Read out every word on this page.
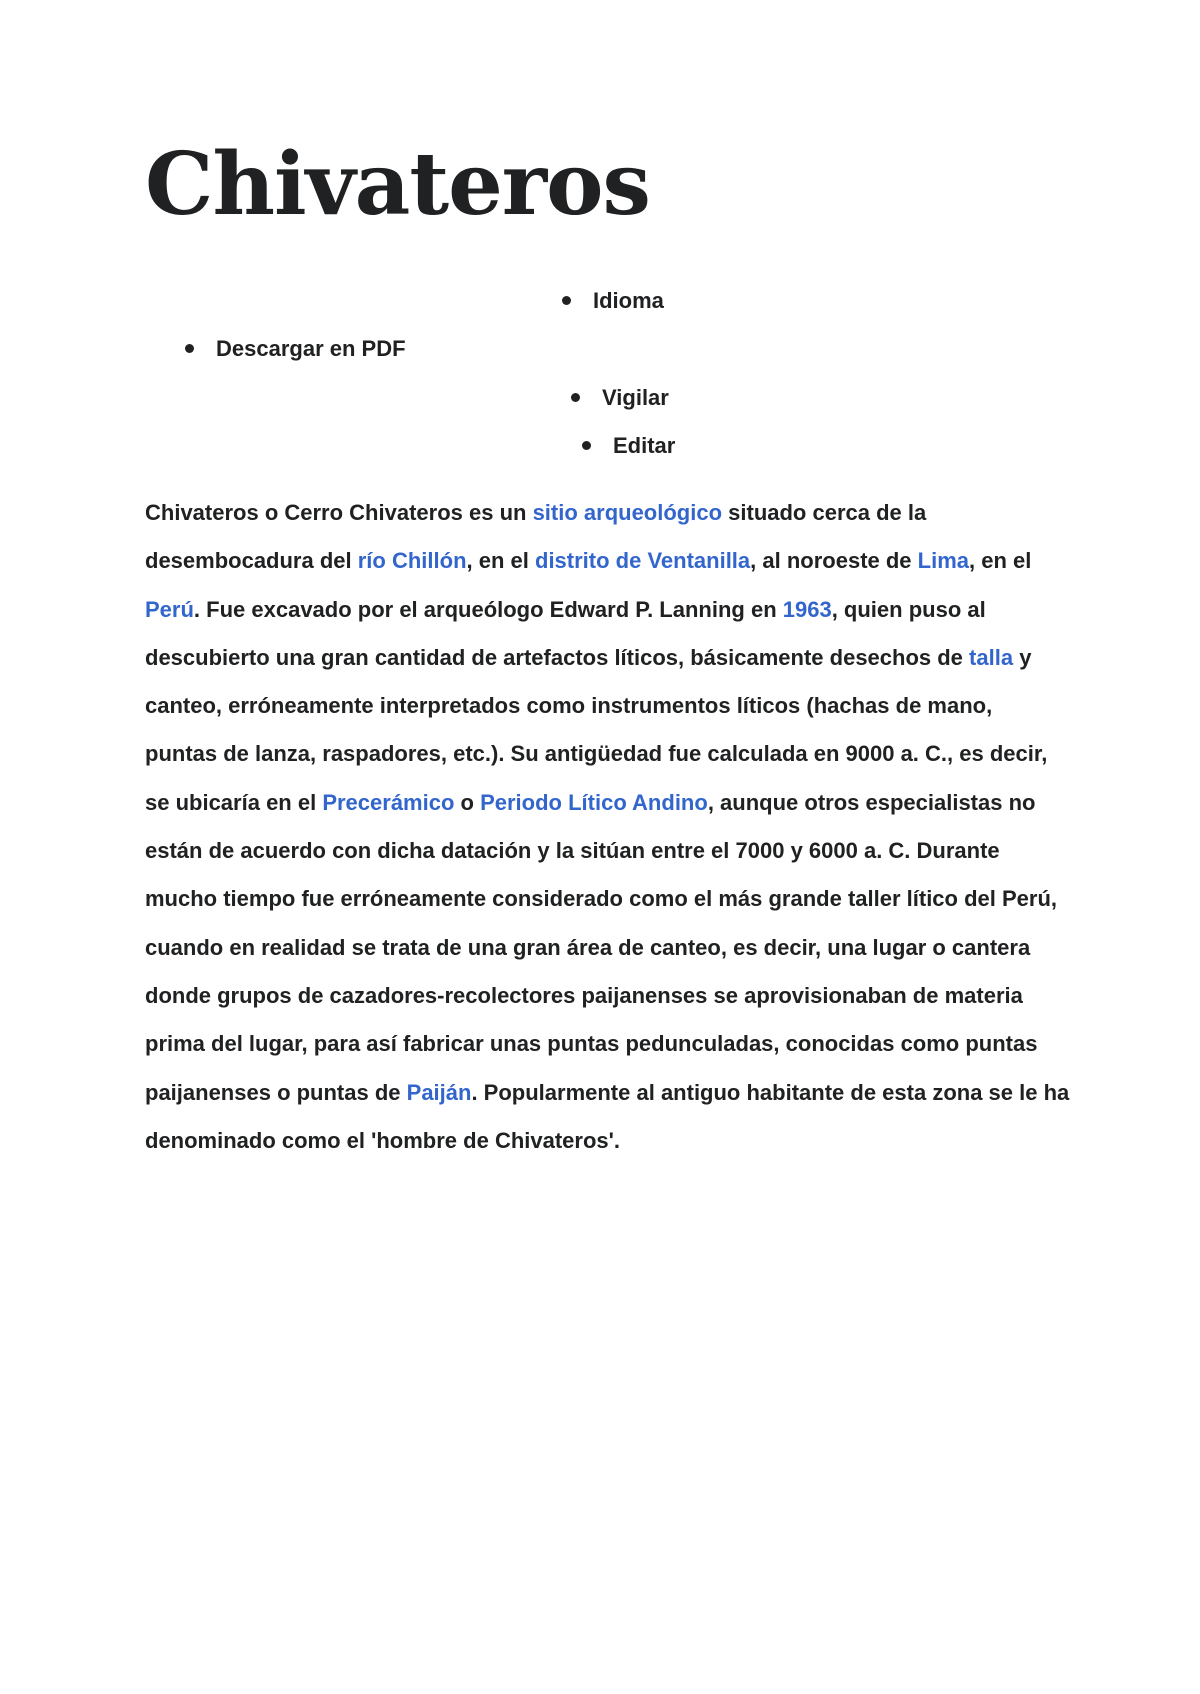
Chivateros
Idioma
Descargar en PDF
Vigilar
Editar

Chivateros o Cerro Chivateros es un sitio arqueológico situado cerca de la desembocadura del río Chillón, en el distrito de Ventanilla, al noroeste de Lima, en el Perú. Fue excavado por el arqueólogo Edward P. Lanning en 1963, quien puso al descubierto una gran cantidad de artefactos líticos, básicamente desechos de talla y canteo, erróneamente interpretados como instrumentos líticos (hachas de mano, puntas de lanza, raspadores, etc.). Su antigüedad fue calculada en 9000 a. C., es decir, se ubicaría en el Precerámico o Periodo Lítico Andino, aunque otros especialistas no están de acuerdo con dicha datación y la sitúan entre el 7000 y 6000 a. C. Durante mucho tiempo fue erróneamente considerado como el más grande taller lítico del Perú, cuando en realidad se trata de una gran área de canteo, es decir, una lugar o cantera donde grupos de cazadores-recolectores paijanenses se aprovisionaban de materia prima del lugar, para así fabricar unas puntas pedunculadas, conocidas como puntas paijanenses o puntas de Paiján. Popularmente al antiguo habitante de esta zona se le ha denominado como el 'hombre de Chivateros'.
